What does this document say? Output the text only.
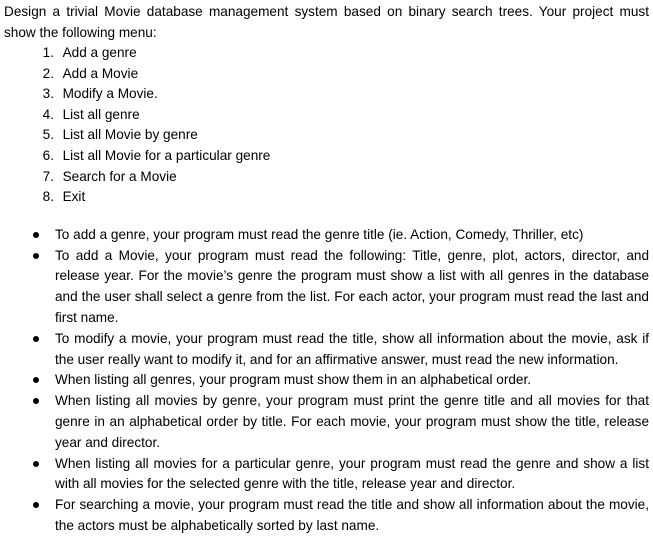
Design a trivial Movie database management system based on binary search trees. Your project must show the following menu:

1.
Add a genre
2.
Add a Movie
3.
Modify a Movie.
4.
List all genre
5.
List all Movie by genre
6.
List all Movie for a particular genre
7.
Search for a Movie
8.
Exit
To add a genre, your program must read the genre title (ie. Action, Comedy, Thriller, etc)
To add a Movie, your program must read the following: Title, genre, plot, actors, director, and release year. For the movie’s genre the program must show a list with all genres in the database and the user shall select a genre from the list. For each actor, your program must read the last and first name.
To modify a movie, your program must read the title, show all information about the movie, ask if the user really want to modify it, and for an affirmative answer, must read the new information.
When listing all genres, your program must show them in an alphabetical order.
When listing all movies by genre, your program must print the genre title and all movies for that genre in an alphabetical order by title. For each movie, your program must show the title, release year and director.
When listing all movies for a particular genre, your program must read the genre and show a list with all movies for the selected genre with the title, release year and director.
For searching a movie, your program must read the title and show all information about the movie, the actors must be alphabetically sorted by last name.
